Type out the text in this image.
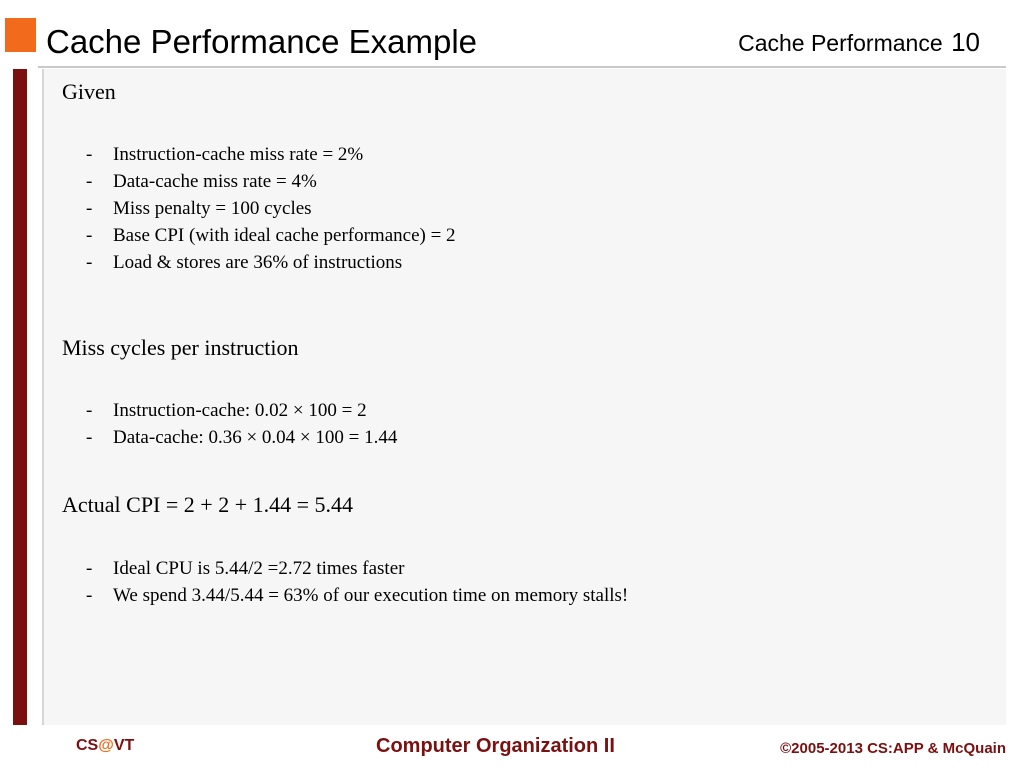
Cache Performance Example	Cache Performance 10
Given
- Instruction-cache miss rate = 2%
- Data-cache miss rate = 4%
- Miss penalty = 100 cycles
- Base CPI (with ideal cache performance) = 2
- Load & stores are 36% of instructions
Miss cycles per instruction
- Instruction-cache: 0.02 × 100 = 2
- Data-cache: 0.36 × 0.04 × 100 = 1.44
Actual CPI = 2 + 2 + 1.44 = 5.44
- Ideal CPU is 5.44/2 =2.72 times faster
- We spend 3.44/5.44 = 63% of our execution time on memory stalls!
CS@VT	Computer Organization II	©2005-2013 CS:APP & McQuain
